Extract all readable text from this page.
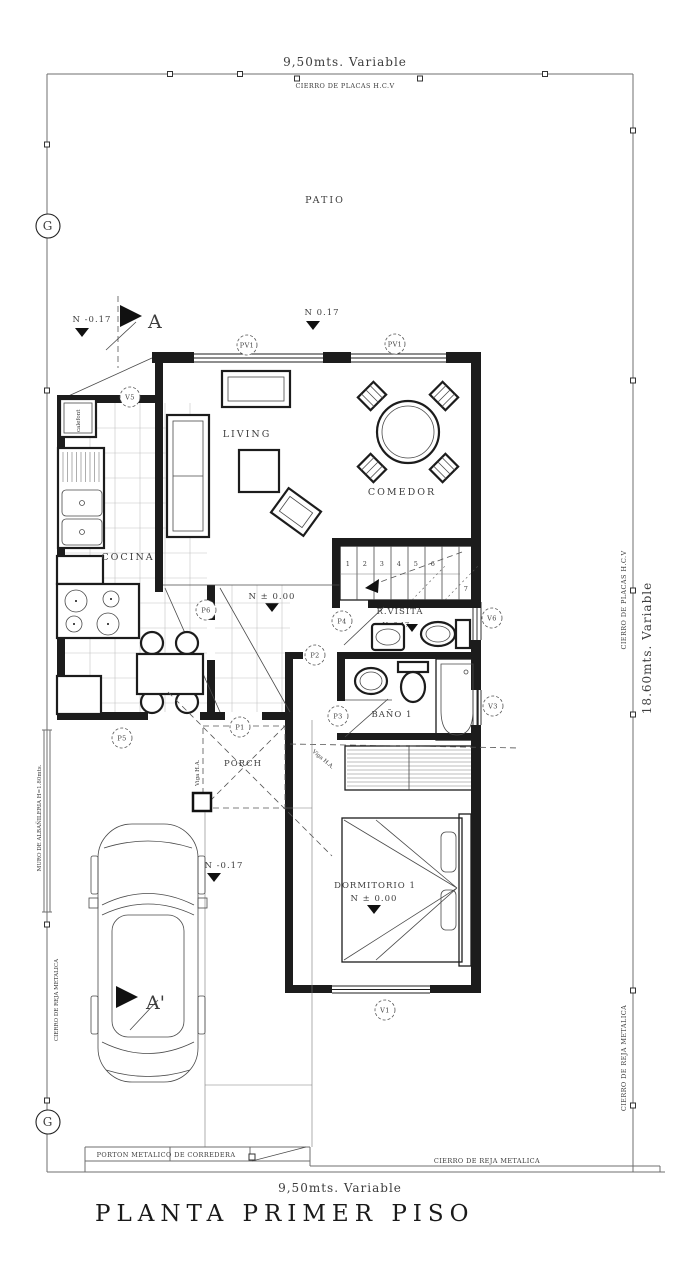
9,50mts. Variable
CIERRO DE PLACAS H.C.V
CIERRO DE PLACAS H.C.V 18.60mts. Variable
CIERRO DE REJA METALICA
MURO DE ALBAÑILERIA H=1.80mts.
CIERRO DE REJA METALICA
G
G
PATIO
A
A'
N -0.17
N 0.17
N ± 0.00
N ± 0.00
N -0.17
LIVING
COMEDOR
calefont
COCINA
1 2 3 4 5 6
7
R.VISITA
BAÑO 1
DORMITORIO 1
Viga H.A.	Viga H.A.
PORCH
PV1	PV1
V5
P6
P4
P2
P1
P5
P3
V6
V3
V1
PORTON METALICO DE CORREDERA
CIERRO DE REJA METALICA
9,50mts. Variable
PLANTA PRIMER PISO
